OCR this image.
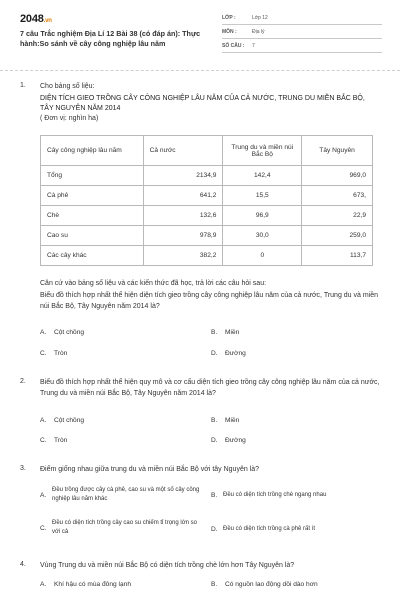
2048.vn
7 câu Trắc nghiệm Địa Lí 12 Bài 38 (có đáp án): Thực hành:So sánh về cây công nghiệp lâu năm
LỚP :	Lớp 12
MÔN :	Địa lý
SỐ CÂU :	7
1. Cho bảng số liệu:
DIỆN TÍCH GIEO TRỒNG CÂY CÔNG NGHIỆP LÂU NĂM CỦA CẢ NƯỚC, TRUNG DU MIỀN BẮC BỘ, TÂY NGUYÊN NĂM 2014
( Đơn vị: nghìn ha)
Cây công nghiệp lâu năm	Cả nước	Trung du và miền núi Bắc Bộ	Tây Nguyên
Tổng	2134,9	142,4	969,0
Cà phê	641,2	15,5	673,
Chè	132,6	96,9	22,9
Cao su	978,9	30,0	259,0
Các cây khác	382,2	0	113,7
Căn cứ vào bảng số liệu và các kiến thức đã học, trả lời các câu hỏi sau:
Biểu đồ thích hợp nhất thể hiện diện tích gieo trồng cây công nghiệp lâu năm của cả nước, Trung du và miền núi Bắc Bộ, Tây Nguyên năm 2014 là?
A. Cột chồng	B. Miền
C. Tròn	D. Đường
2. Biểu đồ thích hợp nhất thể hiện quy mô và cơ cấu diện tích gieo trồng cây công nghiệp lâu năm của cả nước, Trung du và miền núi Bắc Bộ, Tây Nguyên năm 2014 là?
A. Cột chồng	B. Miền
C. Tròn	D. Đường
3. Điểm giống nhau giữa trung du và miền núi Bắc Bộ với tây Nguyên là?
A.
Đều trồng được cây cà phê, cao su và một số cây công nghiệp lâu năm khác	B. Đều có diện tích trồng chè ngang nhau
C.
Đều có diện tích trồng cây cao su chiếm tỉ trọng lớn so với cả	D. Đều có diện tích trồng cà phê rất ít
4. Vùng Trung du và miền núi Bắc Bộ có diện tích trồng chè lớn hơn Tây Nguyên là?
A. Khí hậu có mùa đông lạnh	B. Có nguồn lao động dồi dào hơn
